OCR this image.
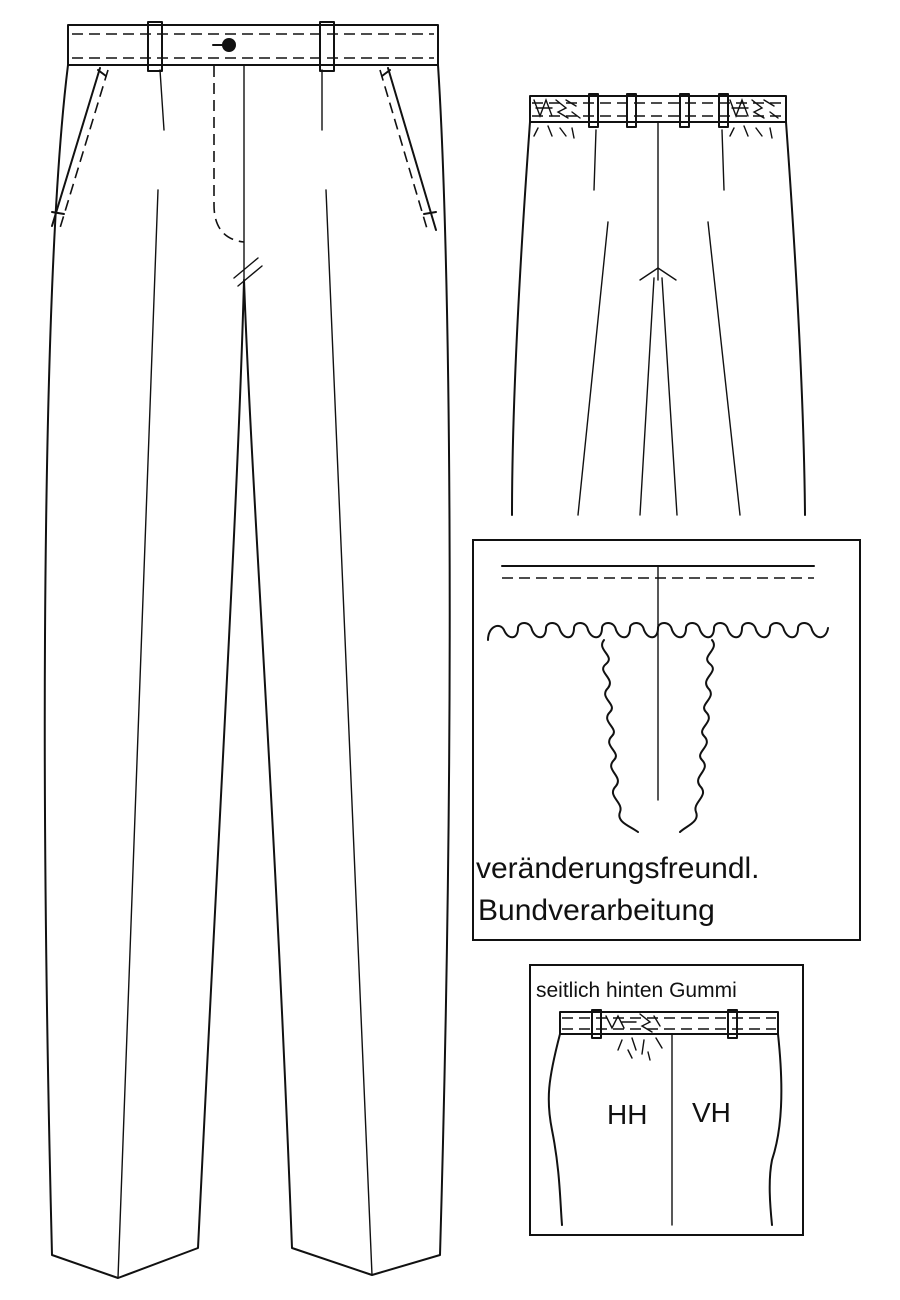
veränderungsfreundl.
Bundverarbeitung
seitlich hinten Gummi
HH VH
